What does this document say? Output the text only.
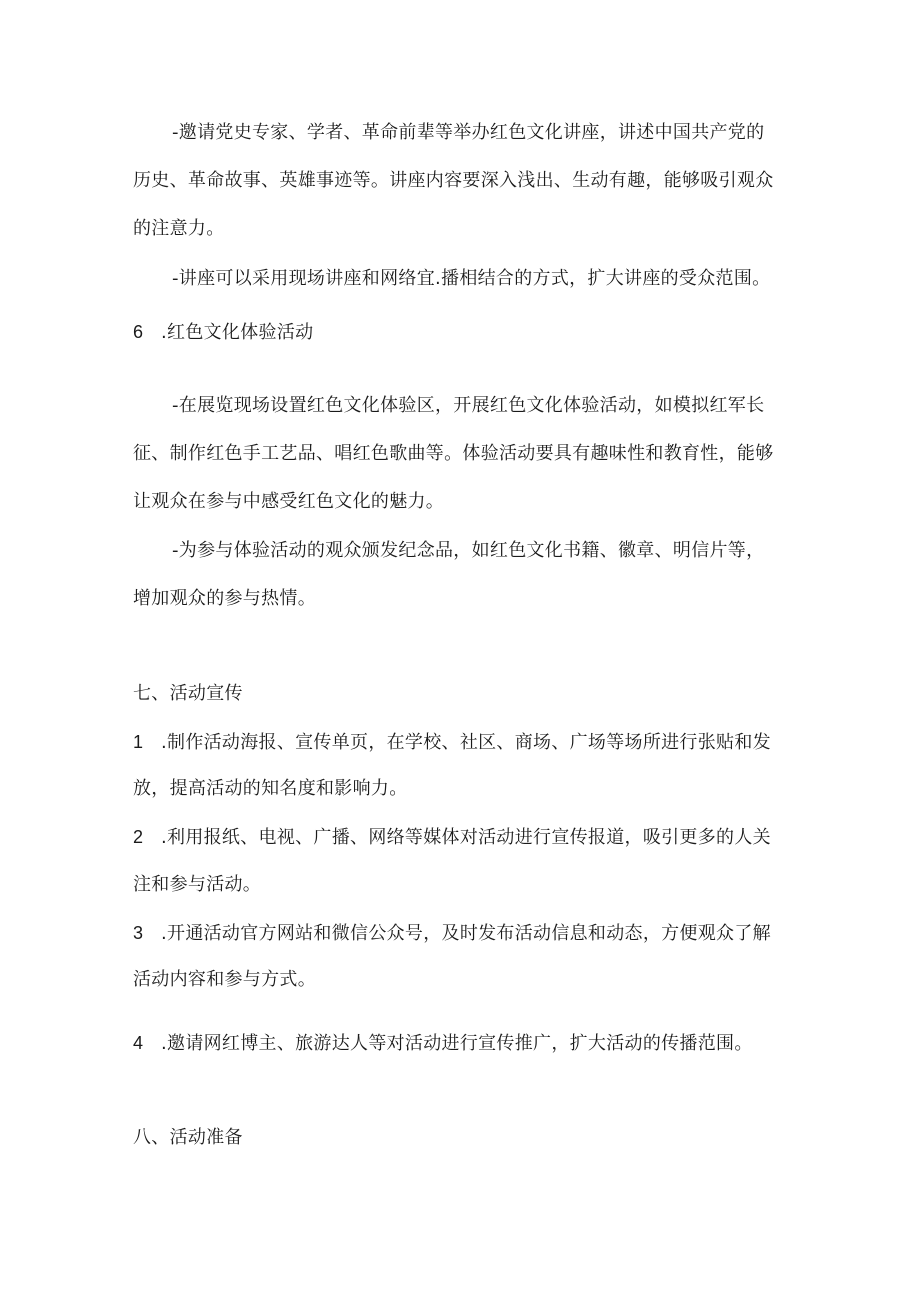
-邀请党史专家、学者、革命前辈等举办红色文化讲座，讲述中国共产党的
历史、革命故事、英雄事迹等。讲座内容要深入浅出、生动有趣，能够吸引观众
的注意力。
-讲座可以采用现场讲座和网络宜.播相结合的方式，扩大讲座的受众范围。
6 .红色文化体验活动
-在展览现场设置红色文化体验区，开展红色文化体验活动，如模拟红军长
征、制作红色手工艺品、唱红色歌曲等。体验活动要具有趣味性和教育性，能够
让观众在参与中感受红色文化的魅力。
-为参与体验活动的观众颁发纪念品，如红色文化书籍、徽章、明信片等，
增加观众的参与热情。
七、活动宣传
1 .制作活动海报、宣传单页，在学校、社区、商场、广场等场所进行张贴和发
放，提高活动的知名度和影响力。
2 .利用报纸、电视、广播、网络等媒体对活动进行宣传报道，吸引更多的人关
注和参与活动。
3 .开通活动官方网站和微信公众号，及时发布活动信息和动态，方便观众了解
活动内容和参与方式。
4 .邀请网红博主、旅游达人等对活动进行宣传推广，扩大活动的传播范围。
八、活动准备
